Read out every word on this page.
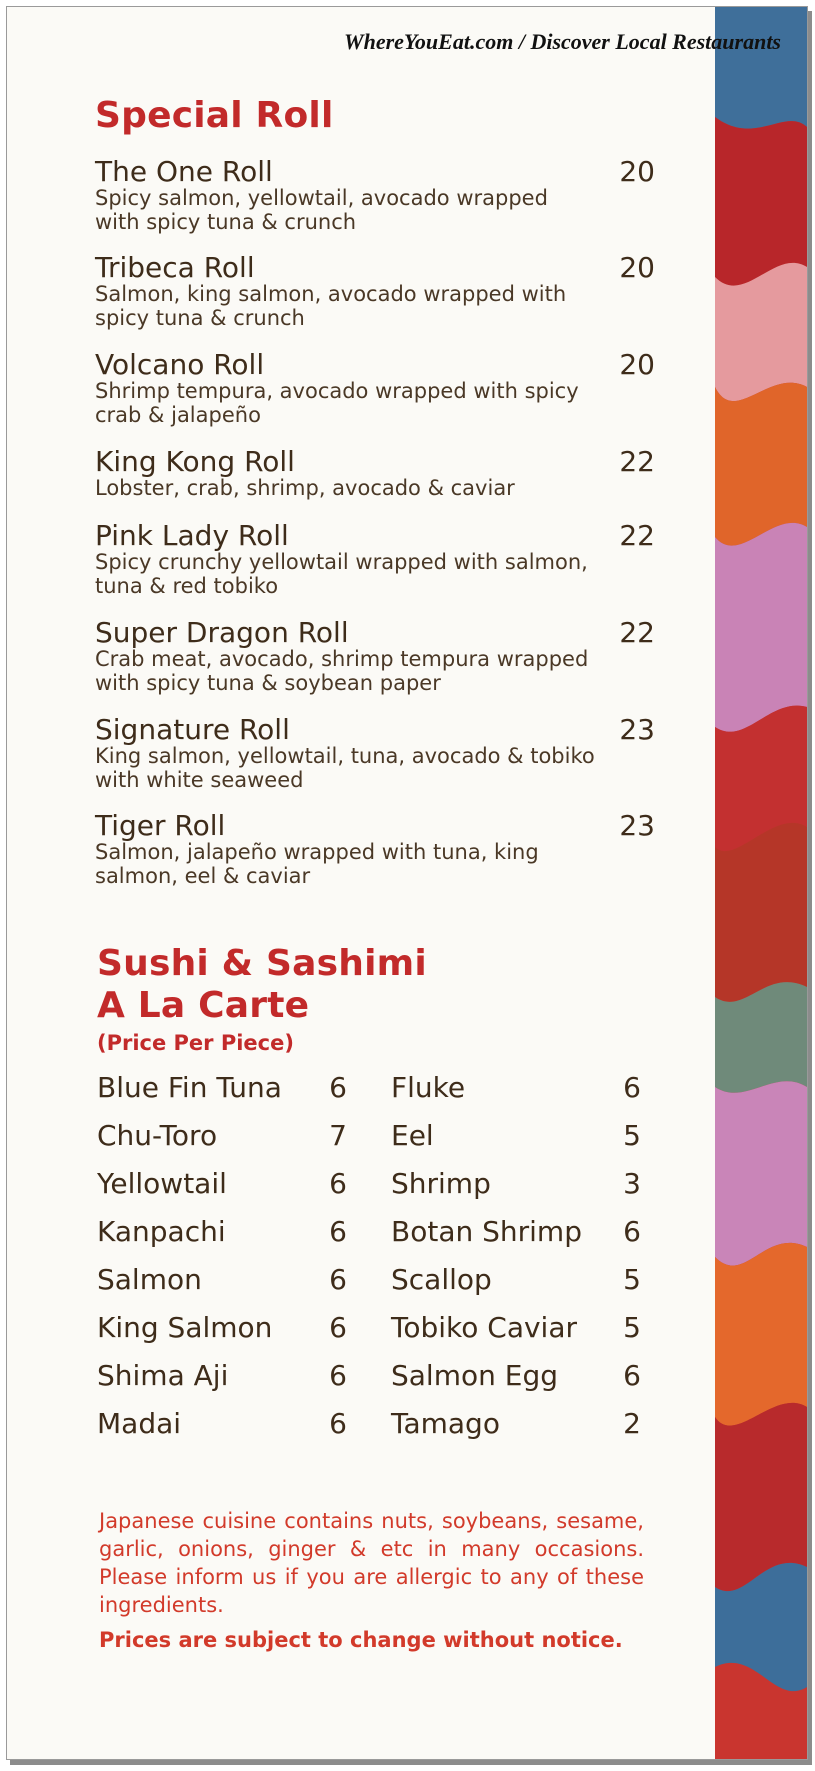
WhereYouEat.com / Discover Local Restaurants
Special Roll
The One Roll	20
Spicy salmon, yellowtail, avocado wrapped with spicy tuna & crunch
Tribeca Roll	20
Salmon, king salmon, avocado wrapped with spicy tuna & crunch
Volcano Roll	20
Shrimp tempura, avocado wrapped with spicy crab & jalapeño
King Kong Roll	22
Lobster, crab, shrimp, avocado & caviar
Pink Lady Roll	22
Spicy crunchy yellowtail wrapped with salmon, tuna & red tobiko
Super Dragon Roll	22
Crab meat, avocado, shrimp tempura wrapped with spicy tuna & soybean paper
Signature Roll	23
King salmon, yellowtail, tuna, avocado & tobiko with white seaweed
Tiger Roll	23
Salmon, jalapeño wrapped with tuna, king salmon, eel & caviar
Sushi & Sashimi
A La Carte
(Price Per Piece)
Blue Fin Tuna 6
Chu-Toro	7
Yellowtail	6
Kanpachi	6
Salmon	6
King Salmon 6
Shima Aji	6
Madai	6
Fluke	6
Eel	5
Shrimp	3
Botan Shrimp 6
Scallop	5
Tobiko Caviar 5
Salmon Egg 6
Tamago	2
Japanese cuisine contains nuts, soybeans, sesame, garlic, onions, ginger & etc in many occasions. Please inform us if you are allergic to any of these ingredients.
Prices are subject to change without notice.
